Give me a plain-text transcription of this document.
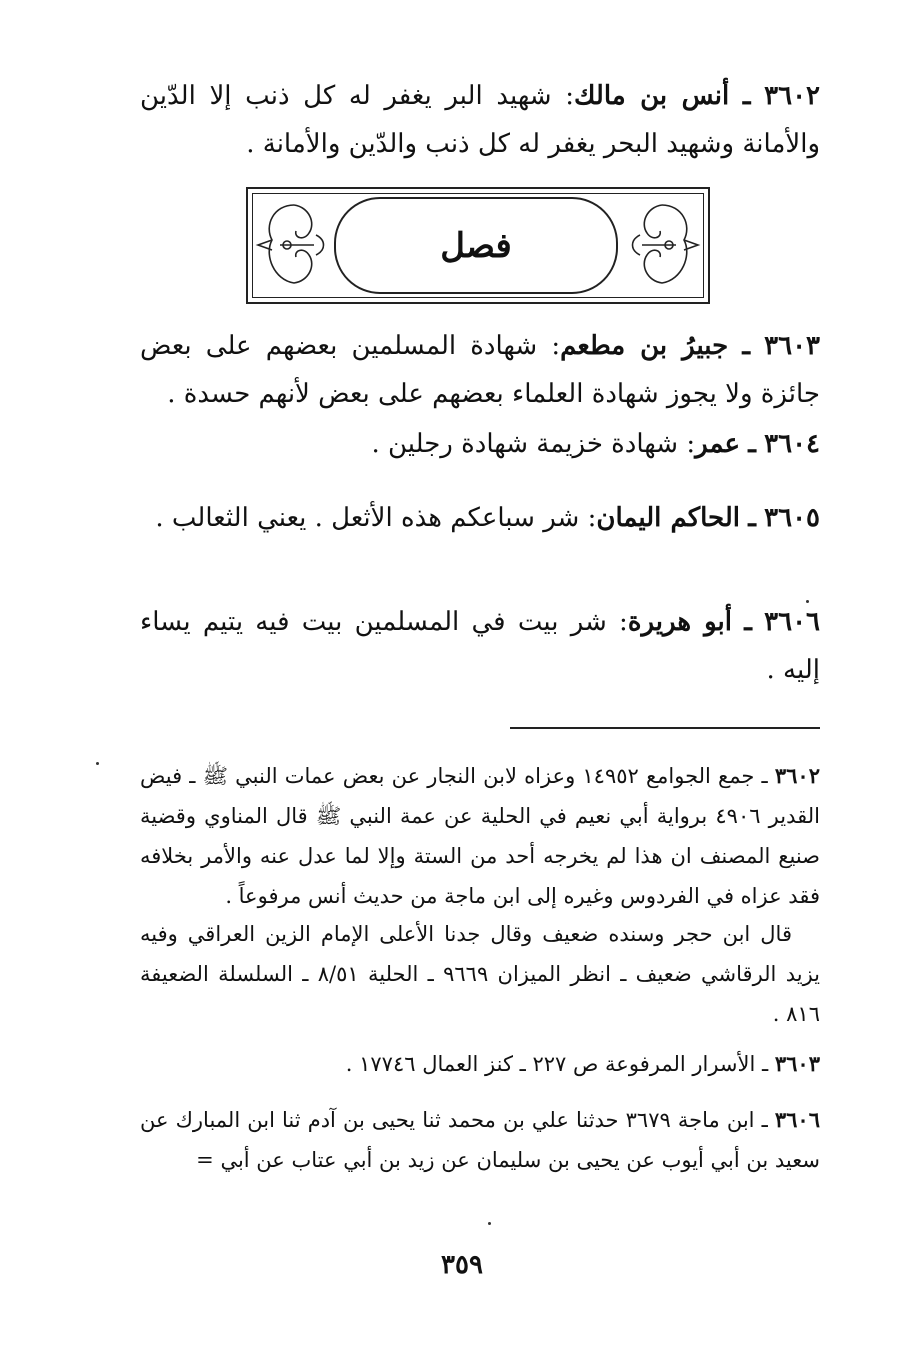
٣٦٠٢ ـ أنس بن مالك: شهيد البر يغفر له كل ذنب إلا الدّين والأمانة وشهيد البحر يغفر له كل ذنب والدّين والأمانة .
فصل
٣٦٠٣ ـ جبيرُ بن مطعم: شهادة المسلمين بعضهم على بعض جائزة ولا يجوز شهادة العلماء بعضهم على بعض لأنهم حسدة .
٣٦٠٤ ـ عمر: شهادة خزيمة شهادة رجلين .
٣٦٠٥ ـ الحاكم اليمان: شر سباعكم هذه الأثعل . يعني الثعالب .
٣٦٠٦ ـ أبو هريرة: شر بيت في المسلمين بيت فيه يتيم يساء إليه .
٣٦٠٢ ـ جمع الجوامع ١٤٩٥٢ وعزاه لابن النجار عن بعض عمات النبي ﷺ ـ فيض القدير ٤٩٠٦ برواية أبي نعيم في الحلية عن عمة النبي ﷺ قال المناوي وقضية صنيع المصنف ان هذا لم يخرجه أحد من الستة وإلا لما عدل عنه والأمر بخلافه فقد عزاه في الفردوس وغيره إلى ابن ماجة من حديث أنس مرفوعاً .
قال ابن حجر وسنده ضعيف وقال جدنا الأعلى الإمام الزين العراقي وفيه يزيد الرقاشي ضعيف ـ انظر الميزان ٩٦٦٩ ـ الحلية ٨/٥١ ـ السلسلة الضعيفة ٨١٦ .
٣٦٠٣ ـ الأسرار المرفوعة ص ٢٢٧ ـ كنز العمال ١٧٧٤٦ .
٣٦٠٦ ـ ابن ماجة ٣٦٧٩ حدثنا علي بن محمد ثنا يحيى بن آدم ثنا ابن المبارك عن سعيد بن أبي أيوب عن يحيى بن سليمان عن زيد بن أبي عتاب عن أبي =
٣٥٩
